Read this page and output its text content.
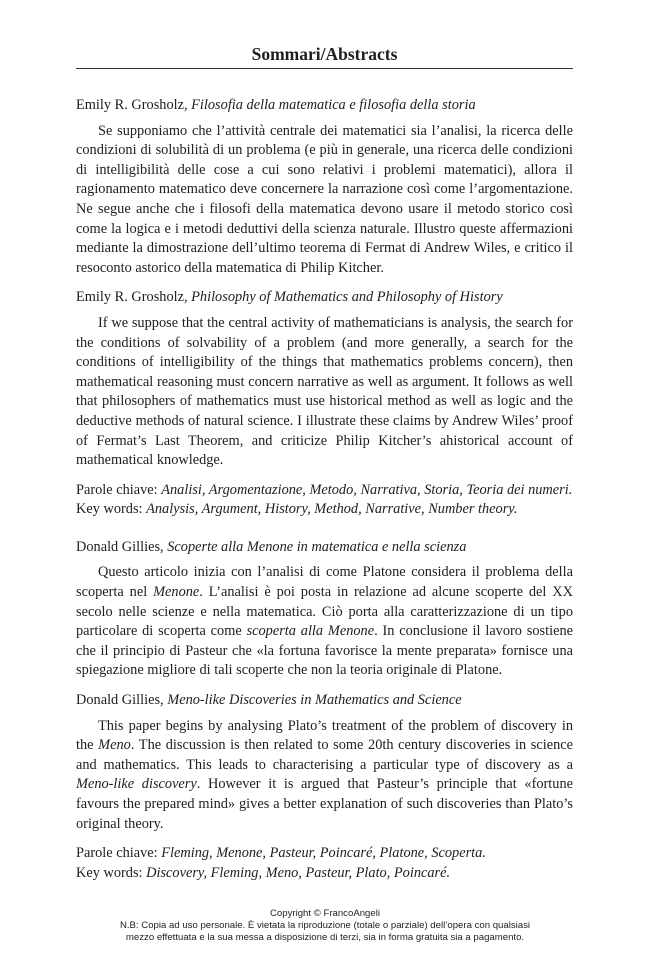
Sommari/Abstracts

Emily R. Grosholz, Filosofia della matematica e filosofia della storia

Se supponiamo che l’attività centrale dei matematici sia l’analisi, la ricerca delle condizioni di solubilità di un problema (e più in generale, una ricerca delle condizioni di intelligibilità delle cose a cui sono relativi i problemi matematici), allora il ragionamento matematico deve concernere la narrazione così come l’argomentazione. Ne segue anche che i filosofi della matematica devono usare il metodo storico così come la logica e i metodi deduttivi della scienza naturale. Illustro queste affermazioni mediante la dimostrazione dell’ultimo teorema di Fermat di Andrew Wiles, e critico il resoconto astorico della matematica di Philip Kitcher.

Emily R. Grosholz, Philosophy of Mathematics and Philosophy of History

If we suppose that the central activity of mathematicians is analysis, the search for the conditions of solvability of a problem (and more generally, a search for the conditions of intelligibility of the things that mathematics problems concern), then mathematical reasoning must concern narrative as well as argument. It follows as well that philosophers of mathematics must use historical method as well as logic and the deductive methods of natural science. I illustrate these claims by Andrew Wiles’ proof of Fermat’s Last Theorem, and criticize Philip Kitcher’s ahistorical account of mathematical knowledge.

Parole chiave: Analisi, Argomentazione, Metodo, Narrativa, Storia, Teoria dei numeri.

Key words: Analysis, Argument, History, Method, Narrative, Number theory.

Donald Gillies, Scoperte alla Menone in matematica e nella scienza

Questo articolo inizia con l’analisi di come Platone considera il problema della scoperta nel Menone. L’analisi è poi posta in relazione ad alcune scoperte del XX secolo nelle scienze e nella matematica. Ciò porta alla caratterizzazione di un tipo particolare di scoperta come scoperta alla Menone. In conclusione il lavoro sostiene che il principio di Pasteur che «la fortuna favorisce la mente preparata» fornisce una spiegazione migliore di tali scoperte che non la teoria originale di Platone.

Donald Gillies, Meno-like Discoveries in Mathematics and Science

This paper begins by analysing Plato’s treatment of the problem of discovery in the Meno. The discussion is then related to some 20th century discoveries in science and mathematics. This leads to characterising a particular type of discovery as a Meno-like discovery. However it is argued that Pasteur’s principle that «fortune favours the prepared mind» gives a better explanation of such discoveries than Plato’s original theory.

Parole chiave: Fleming, Menone, Pasteur, Poincaré, Platone, Scoperta.

Key words: Discovery, Fleming, Meno, Pasteur, Plato, Poincaré.

Copyright © FrancoAngeli
N.B: Copia ad uso personale. È vietata la riproduzione (totale o parziale) dell’opera con qualsiasi
mezzo effettuata e la sua messa a disposizione di terzi, sia in forma gratuita sia a pagamento.
